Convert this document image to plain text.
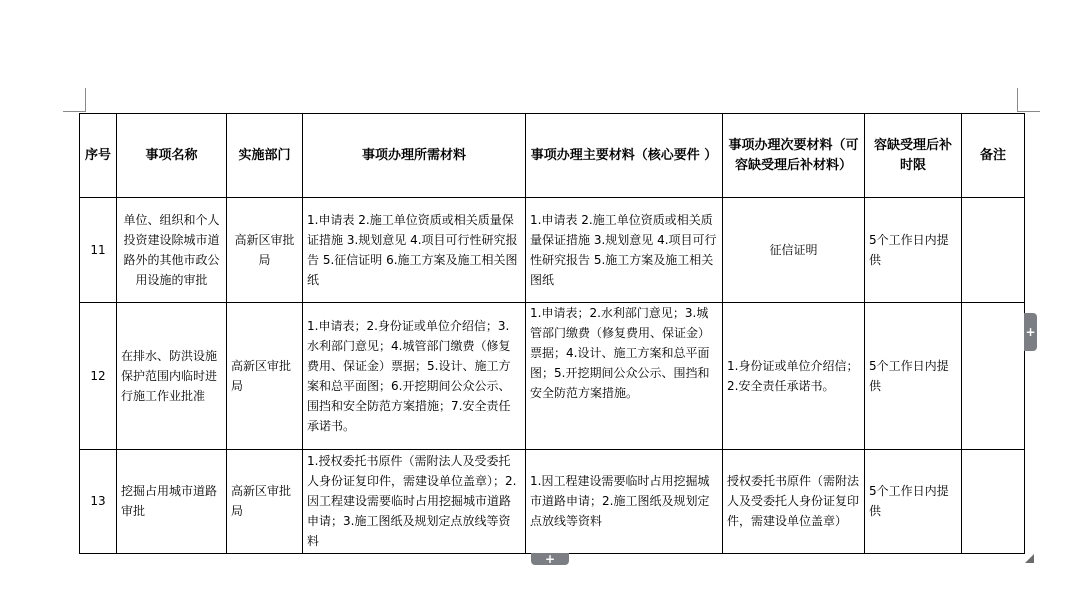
序号	事项名称	实施部门	事项办理所需材料	事项办理主要材料（核心要件 ）	事项办理次要材料（可容缺受理后补材料）	容缺受理后补时限	备注
11	单位、组织和个人投资建设除城市道路外的其他市政公用设施的审批	高新区审批局	1.申请表 2.施工单位资质或相关质量保证措施 3.规划意见 4.项目可行性研究报告 5.征信证明 6.施工方案及施工相关图纸	1.申请表 2.施工单位资质或相关质量保证措施 3.规划意见 4.项目可行性研究报告 5.施工方案及施工相关图纸	征信证明	5个工作日内提供	
12	在排水、防洪设施保护范围内临时进行施工作业批准	高新区审批局	1.申请表；2.身份证或单位介绍信；3.水利部门意见；4.城管部门缴费（修复费用、保证金）票据；5.设计、施工方案和总平面图；6.开挖期间公众公示、围挡和安全防范方案措施；7.安全责任承诺书。	1.申请表；2.水利部门意见；3.城管部门缴费（修复费用、保证金）票据；4.设计、施工方案和总平面图；5.开挖期间公众公示、围挡和安全防范方案措施。	1.身份证或单位介绍信；2.安全责任承诺书。	5个工作日内提供	
13	挖掘占用城市道路审批	高新区审批局	1.授权委托书原件（需附法人及受委托人身份证复印件，需建设单位盖章）；2.因工程建设需要临时占用挖掘城市道路申请；3.施工图纸及规划定点放线等资料	1.因工程建设需要临时占用挖掘城市道路申请；2.施工图纸及规划定点放线等资料	授权委托书原件（需附法人及受委托人身份证复印件，需建设单位盖章）	5个工作日内提供	
+
+
